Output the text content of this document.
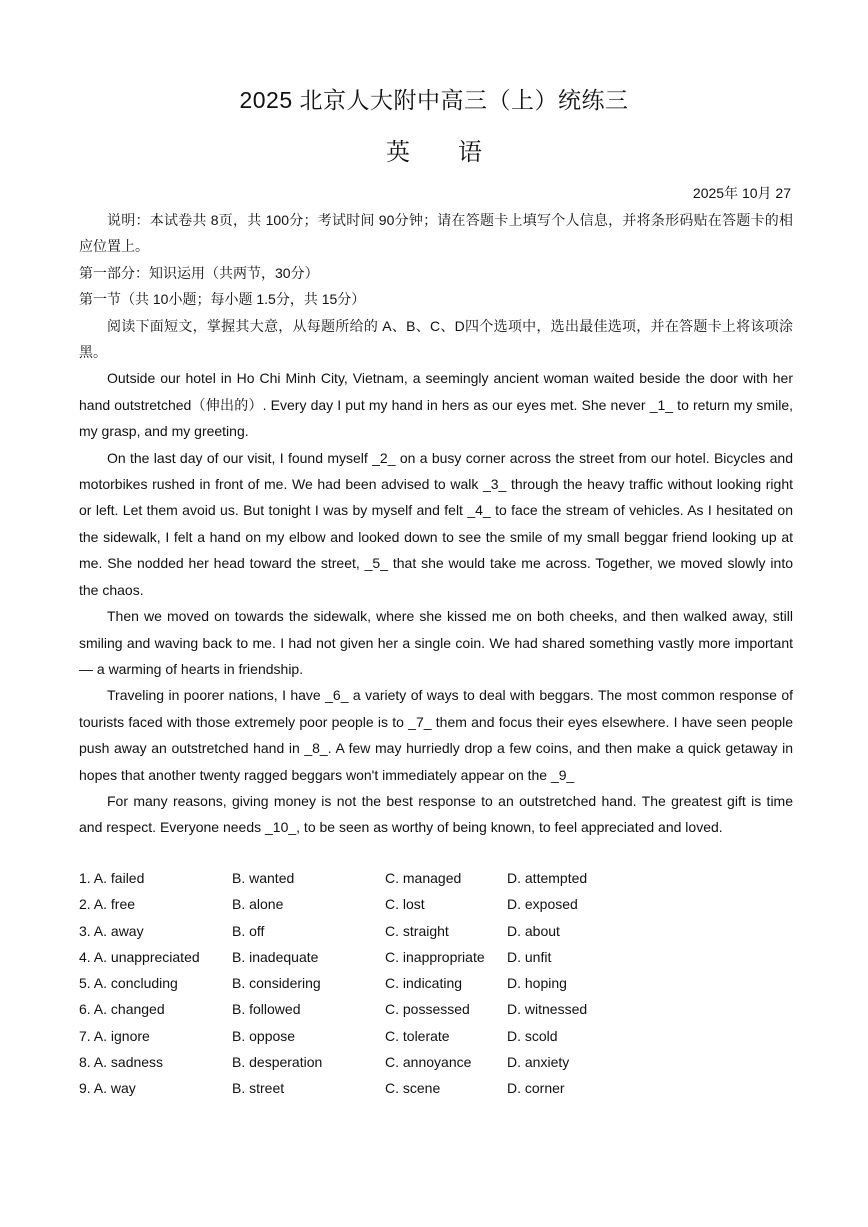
2025 北京人大附中高三（上）统练三
英语
2025年 10月 27

说明：本试卷共 8页，共 100分；考试时间 90分钟；请在答题卡上填写个人信息，并将条形码贴在答题卡的相应位置上。

第一部分：知识运用（共两节，30分）

第一节（共 10小题；每小题 1.5分，共 15分）

阅读下面短文，掌握其大意，从每题所给的 A、B、C、D四个选项中，选出最佳选项，并在答题卡上将该项涂黑。

Outside our hotel in Ho Chi Minh City, Vietnam, a seemingly ancient woman waited beside the door with her hand outstretched（伸出的）. Every day I put my hand in hers as our eyes met. She never _1_ to return my smile, my grasp, and my greeting.

On the last day of our visit, I found myself _2_ on a busy corner across the street from our hotel. Bicycles and motorbikes rushed in front of me. We had been advised to walk _3_ through the heavy traffic without looking right or left. Let them avoid us. But tonight I was by myself and felt _4_ to face the stream of vehicles. As I hesitated on the sidewalk, I felt a hand on my elbow and looked down to see the smile of my small beggar friend looking up at me. She nodded her head toward the street, _5_ that she would take me across. Together, we moved slowly into the chaos.

Then we moved on towards the sidewalk, where she kissed me on both cheeks, and then walked away, still smiling and waving back to me. I had not given her a single coin. We had shared something vastly more important— a warming of hearts in friendship.

Traveling in poorer nations, I have _6_ a variety of ways to deal with beggars. The most common response of tourists faced with those extremely poor people is to _7_ them and focus their eyes elsewhere. I have seen people push away an outstretched hand in _8_. A few may hurriedly drop a few coins, and then make a quick getaway in hopes that another twenty ragged beggars won't immediately appear on the _9_

For many reasons, giving money is not the best response to an outstretched hand. The greatest gift is time and respect. Everyone needs _10_, to be seen as worthy of being known, to feel appreciated and loved.

1. A. failed	B. wanted	C. managed	D. attempted
2. A. free	B. alone	C. lost	D. exposed
3. A. away	B. off	C. straight	D. about
4. A. unappreciated B. inadequate	C. inappropriate D. unfit
5. A. concluding	B. considering	C. indicating	D. hoping
6. A. changed	B. followed	C. possessed	D. witnessed
7. A. ignore	B. oppose	C. tolerate	D. scold
8. A. sadness	B. desperation	C. annoyance	D. anxiety
9. A. way	B. street	C. scene	D. corner
